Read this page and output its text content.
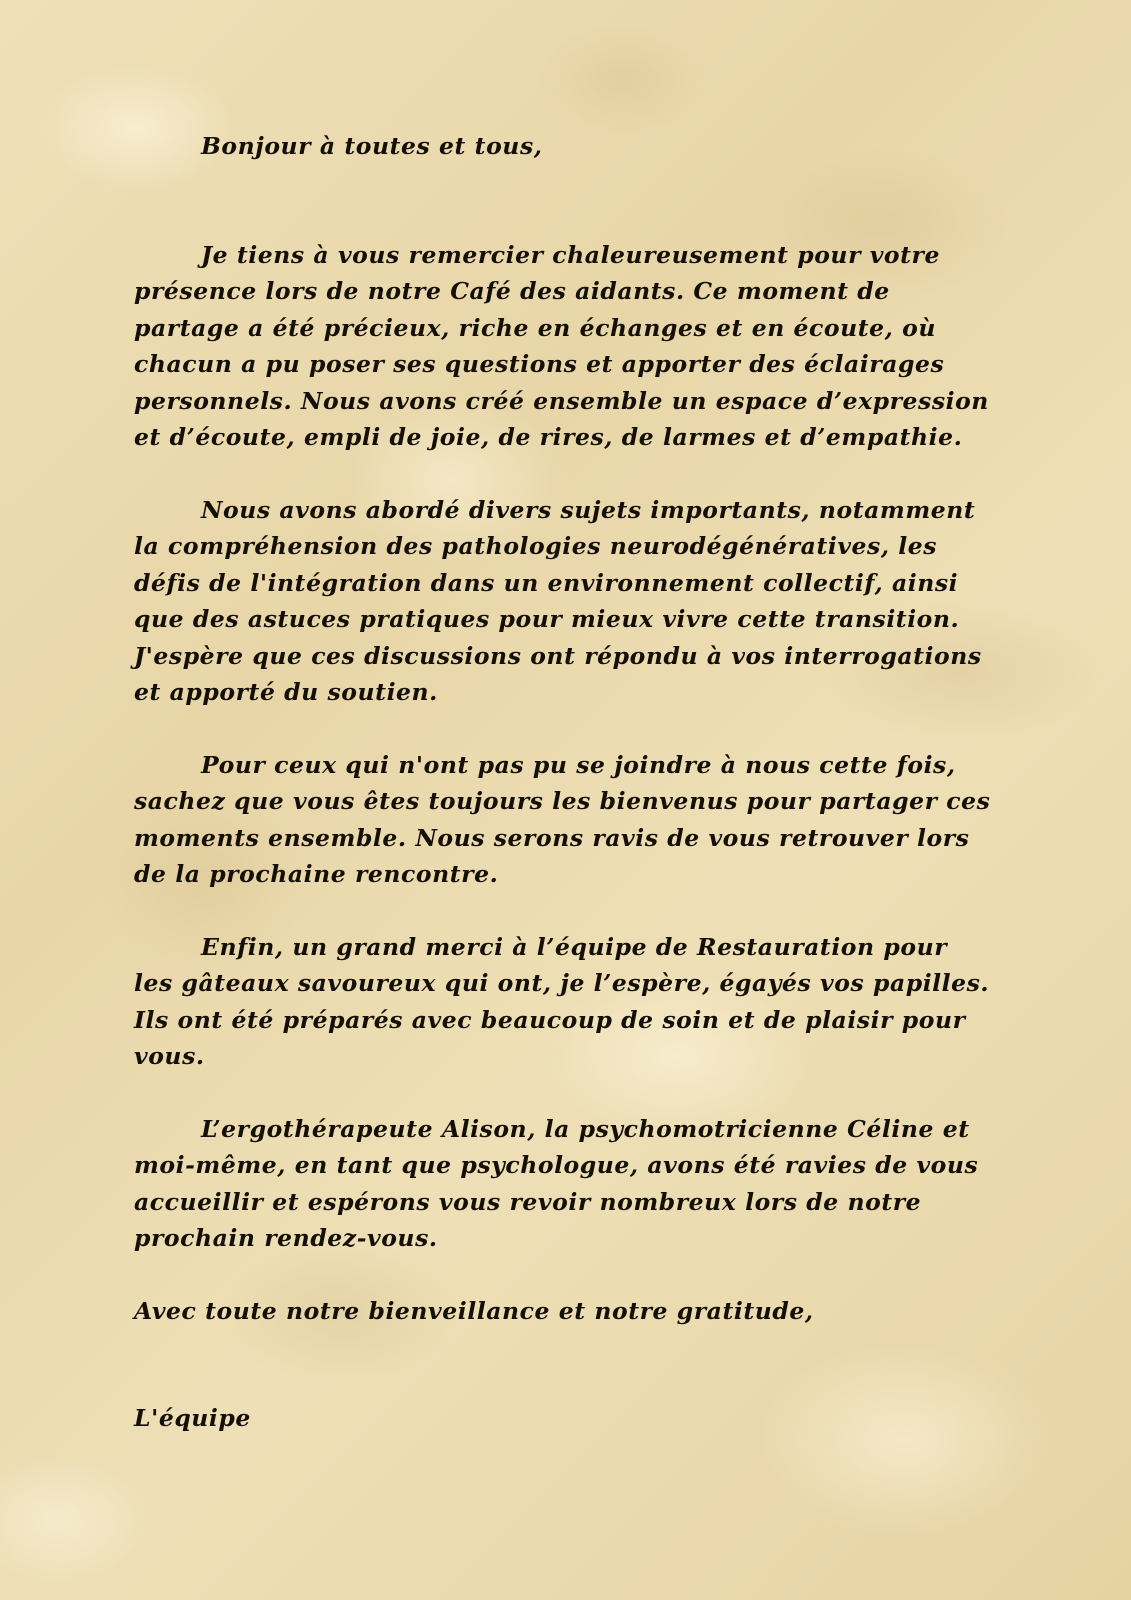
Bonjour à toutes et tous,

Je tiens à vous remercier chaleureusement pour votre présence lors de notre Café des aidants. Ce moment de partage a été précieux, riche en échanges et en écoute, où chacun a pu poser ses questions et apporter des éclairages personnels. Nous avons créé ensemble un espace d’expression et d’écoute, empli de joie, de rires, de larmes et d’empathie.

Nous avons abordé divers sujets importants, notamment la compréhension des pathologies neurodégénératives, les défis de l'intégration dans un environnement collectif, ainsi que des astuces pratiques pour mieux vivre cette transition. J'espère que ces discussions ont répondu à vos interrogations et apporté du soutien.

Pour ceux qui n'ont pas pu se joindre à nous cette fois, sachez que vous êtes toujours les bienvenus pour partager ces moments ensemble. Nous serons ravis de vous retrouver lors de la prochaine rencontre.

Enfin, un grand merci à l’équipe de Restauration pour les gâteaux savoureux qui ont, je l’espère, égayés vos papilles. Ils ont été préparés avec beaucoup de soin et de plaisir pour vous.

L’ergothérapeute Alison, la psychomotricienne Céline et moi-même, en tant que psychologue, avons été ravies de vous accueillir et espérons vous revoir nombreux lors de notre prochain rendez-vous.

Avec toute notre bienveillance et notre gratitude,

L'équipe
